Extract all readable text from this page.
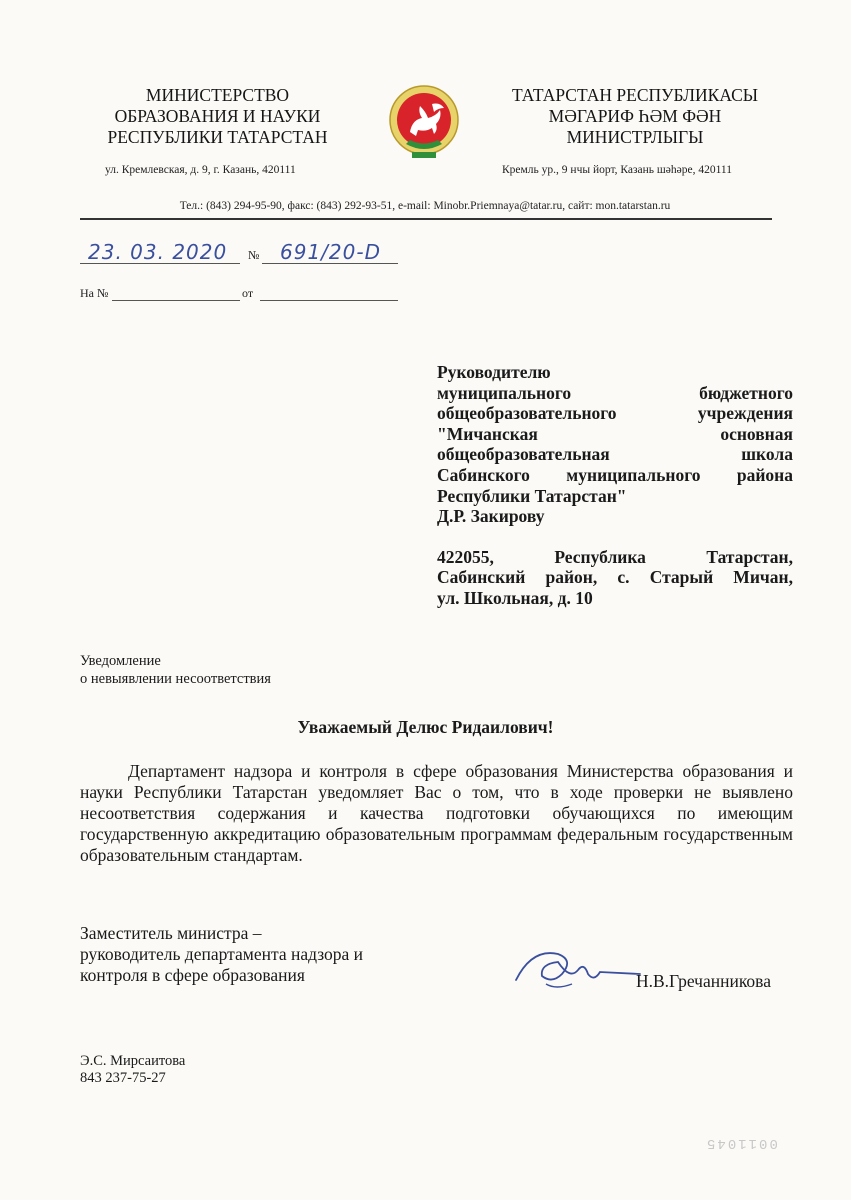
МИНИСТЕРСТВО
ОБРАЗОВАНИЯ И НАУКИ
РЕСПУБЛИКИ ТАТАРСТАН
ТАТАРСТАН РЕСПУБЛИКАСЫ
МӘГАРИФ ҺӘМ ФӘН
МИНИСТРЛЫГЫ
ул. Кремлевская, д. 9, г. Казань, 420111	Кремль ур., 9 нчы йорт, Казань шәһәре, 420111
Тел.: (843) 294-95-90, факс: (843) 292-93-51, e-mail: Minobr.Priemnaya@tatar.ru, сайт: mon.tatarstan.ru
23. 03. 2020 № 691/20-D
На №	от
Руководителю
муниципального бюджетного
общеобразовательного учреждения
"Мичанская основная
общеобразовательная школа
Сабинского муниципального района
Республики Татарстан"
Д.Р. Закирову
422055, Республика Татарстан,
Сабинский район, с. Старый Мичан,
ул. Школьная, д. 10
Уведомление
о невыявлении несоответствия
Уважаемый Делюс Ридаилович!
Департамент надзора и контроля в сфере образования Министерства образования и науки Республики Татарстан уведомляет Вас о том, что в ходе проверки не выявлено несоответствия содержания и качества подготовки обучающихся по имеющим государственную аккредитацию образовательным программам федеральным государственным образовательным стандартам.
Заместитель министра –
руководитель департамента надзора и
контроля в сфере образования	Н.В.Гречанникова
Э.С. Мирсаитова
843 237-75-27
0011045
